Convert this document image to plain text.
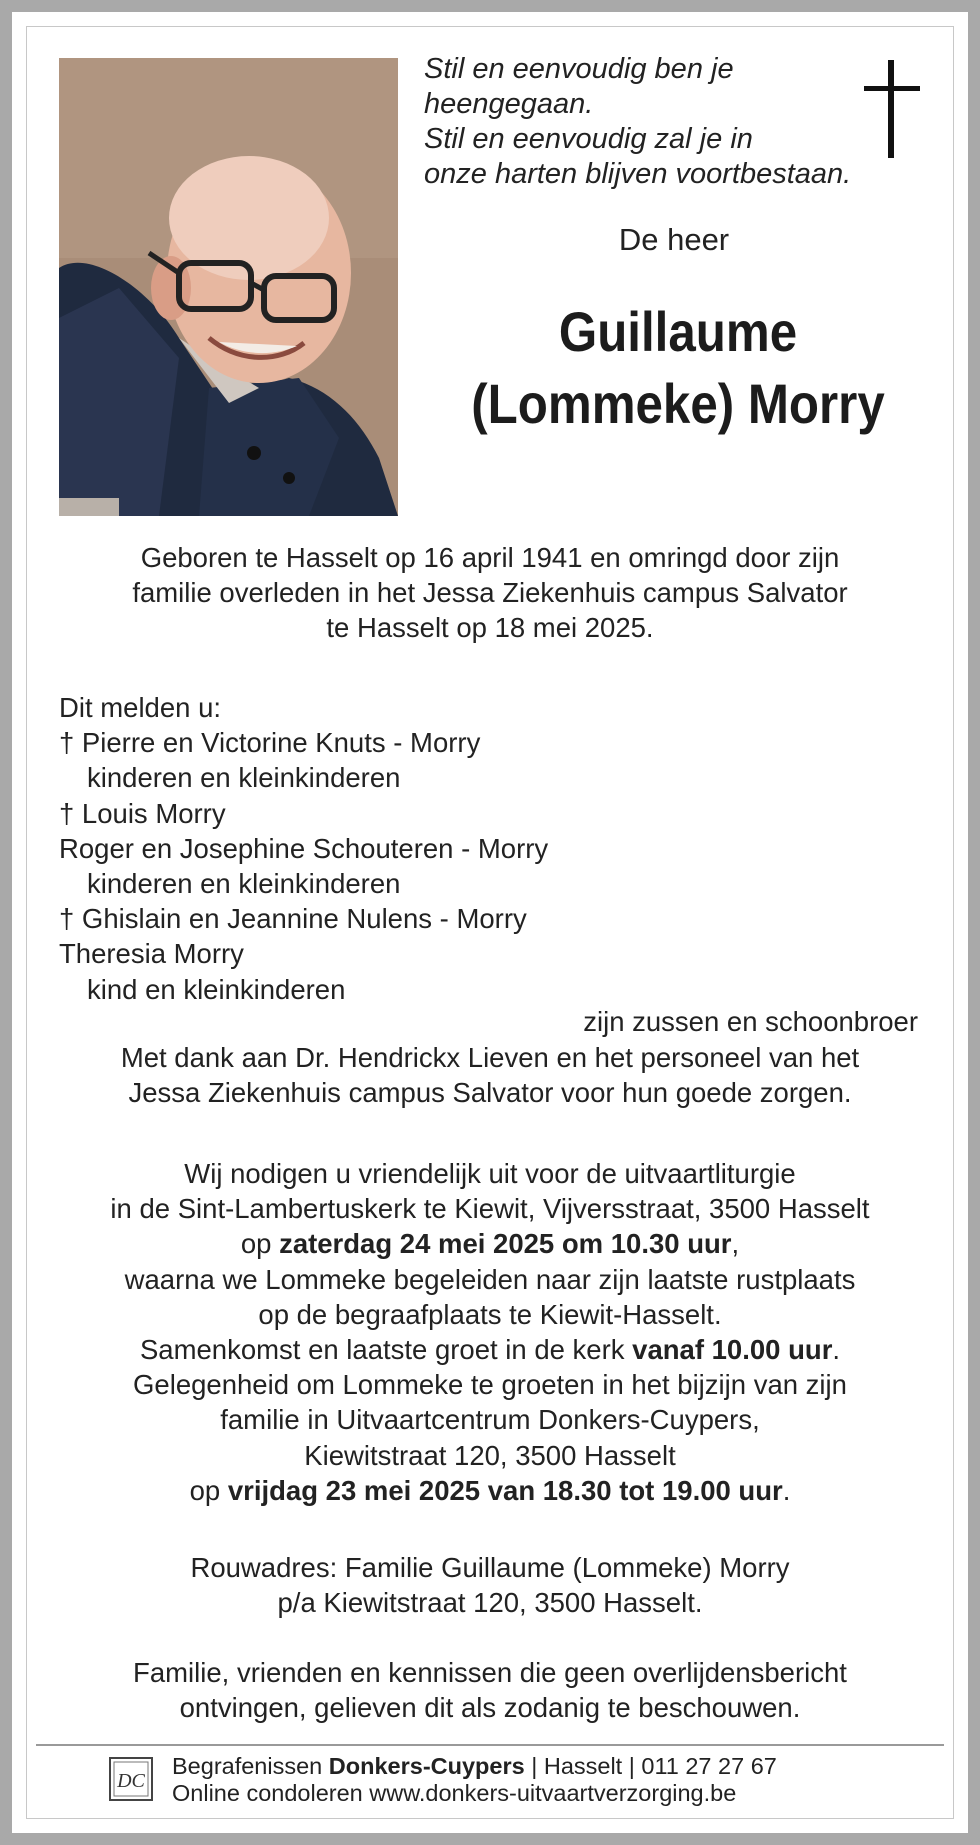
Stil en eenvoudig ben je
heengegaan.
Stil en eenvoudig zal je in
onze harten blijven voortbestaan.
De heer
Guillaume
(Lommeke) Morry
Geboren te Hasselt op 16 april 1941 en omringd door zijn
familie overleden in het Jessa Ziekenhuis campus Salvator
te Hasselt op 18 mei 2025.
Dit melden u:
† Pierre en Victorine Knuts - Morry
kinderen en kleinkinderen
† Louis Morry
Roger en Josephine Schouteren - Morry
kinderen en kleinkinderen
† Ghislain en Jeannine Nulens - Morry
Theresia Morry
kind en kleinkinderen
zijn zussen en schoonbroer
Met dank aan Dr. Hendrickx Lieven en het personeel van het
Jessa Ziekenhuis campus Salvator voor hun goede zorgen.
Wij nodigen u vriendelijk uit voor de uitvaartliturgie
in de Sint-Lambertuskerk te Kiewit, Vijversstraat, 3500 Hasselt
op zaterdag 24 mei 2025 om 10.30 uur,
waarna we Lommeke begeleiden naar zijn laatste rustplaats
op de begraafplaats te Kiewit-Hasselt.
Samenkomst en laatste groet in de kerk vanaf 10.00 uur.
Gelegenheid om Lommeke te groeten in het bijzijn van zijn
familie in Uitvaartcentrum Donkers-Cuypers,
Kiewitstraat 120, 3500 Hasselt
op vrijdag 23 mei 2025 van 18.30 tot 19.00 uur.
Rouwadres: Familie Guillaume (Lommeke) Morry
p/a Kiewitstraat 120, 3500 Hasselt.
Familie, vrienden en kennissen die geen overlijdensbericht
ontvingen, gelieven dit als zodanig te beschouwen.
DC
Begrafenissen Donkers-Cuypers | Hasselt | 011 27 27 67
Online condoleren www.donkers-uitvaartverzorging.be
